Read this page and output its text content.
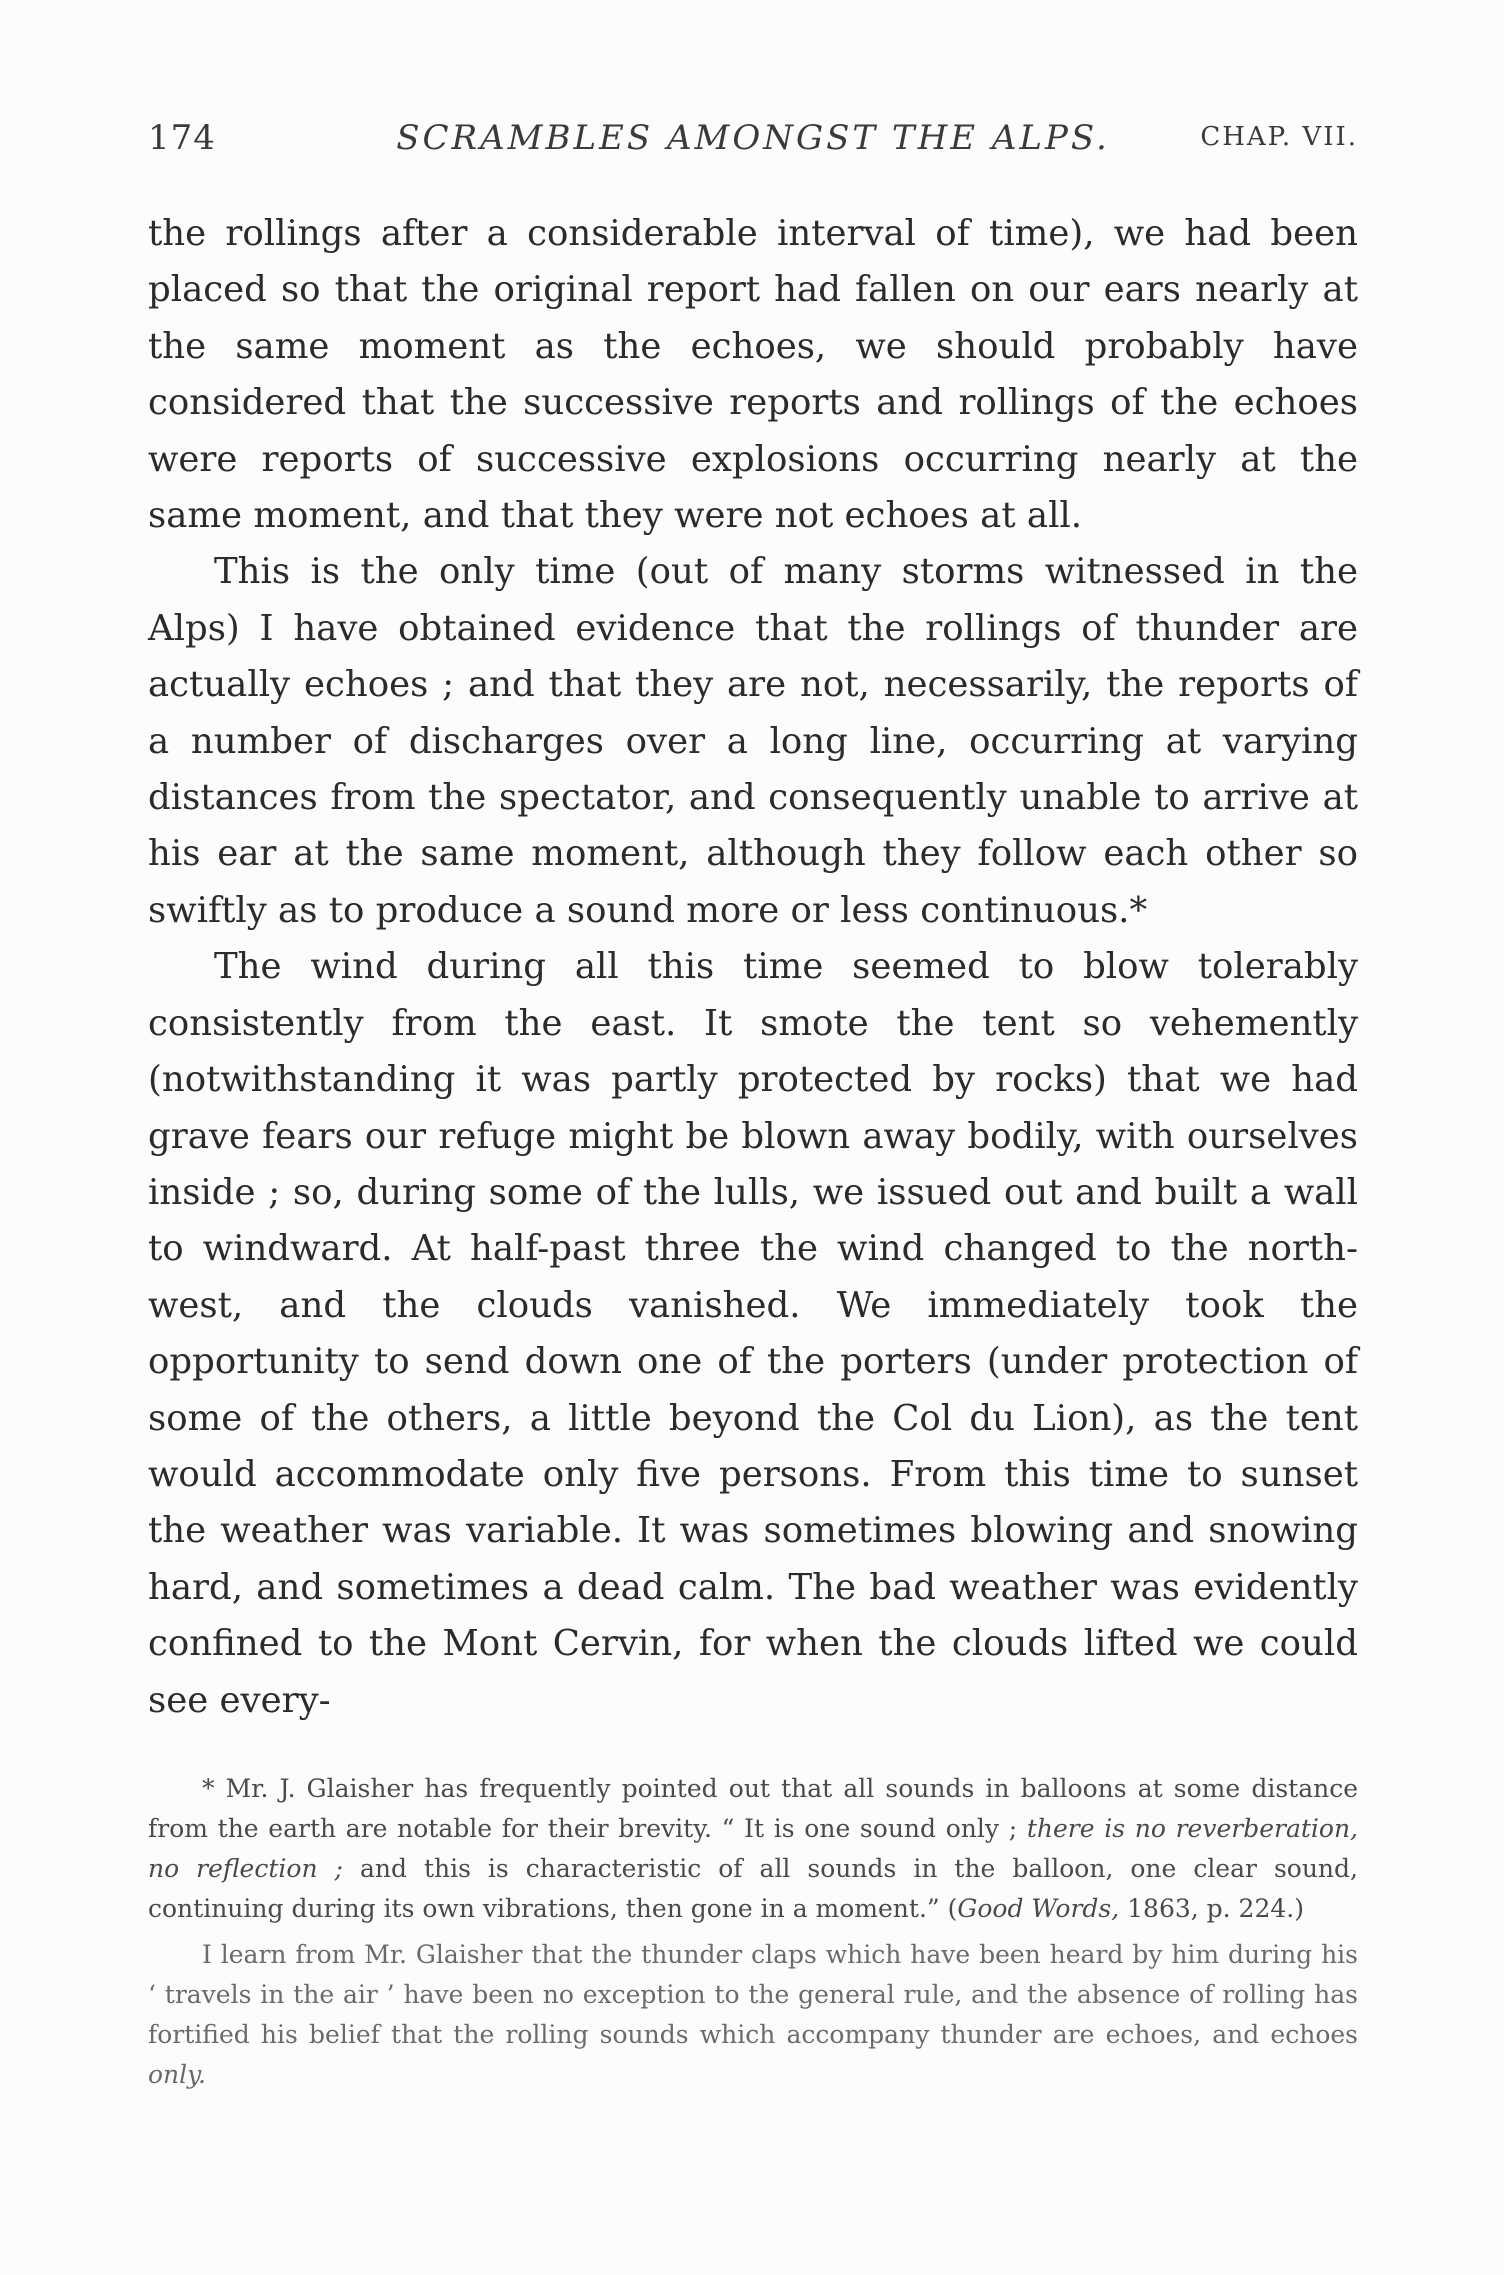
174	SCRAMBLES AMONGST THE ALPS.	CHAP. VII.

the rollings after a considerable interval of time), we had been placed so that the original report had fallen on our ears nearly at the same moment as the echoes, we should probably have considered that the successive reports and rollings of the echoes were reports of successive explosions occurring nearly at the same moment, and that they were not echoes at all.

This is the only time (out of many storms witnessed in the Alps) I have obtained evidence that the rollings of thunder are actually echoes ; and that they are not, necessarily, the reports of a number of discharges over a long line, occurring at varying distances from the spectator, and consequently unable to arrive at his ear at the same moment, although they follow each other so swiftly as to produce a sound more or less continuous.*

The wind during all this time seemed to blow tolerably consistently from the east. It smote the tent so vehemently (notwithstanding it was partly protected by rocks) that we had grave fears our refuge might be blown away bodily, with ourselves inside ; so, during some of the lulls, we issued out and built a wall to windward. At half-past three the wind changed to the north-west, and the clouds vanished. We immediately took the opportunity to send down one of the porters (under protection of some of the others, a little beyond the Col du Lion), as the tent would accommodate only five persons. From this time to sunset the weather was variable. It was sometimes blowing and snowing hard, and sometimes a dead calm. The bad weather was evidently confined to the Mont Cervin, for when the clouds lifted we could see every-

* Mr. J. Glaisher has frequently pointed out that all sounds in balloons at some distance from the earth are notable for their brevity. “ It is one sound only ; there is no reverberation, no reflection ; and this is characteristic of all sounds in the balloon, one clear sound, continuing during its own vibrations, then gone in a moment.” (Good Words, 1863, p. 224.)

I learn from Mr. Glaisher that the thunder claps which have been heard by him during his ‘ travels in the air ’ have been no exception to the general rule, and the absence of rolling has fortified his belief that the rolling sounds which accompany thunder are echoes, and echoes only.
